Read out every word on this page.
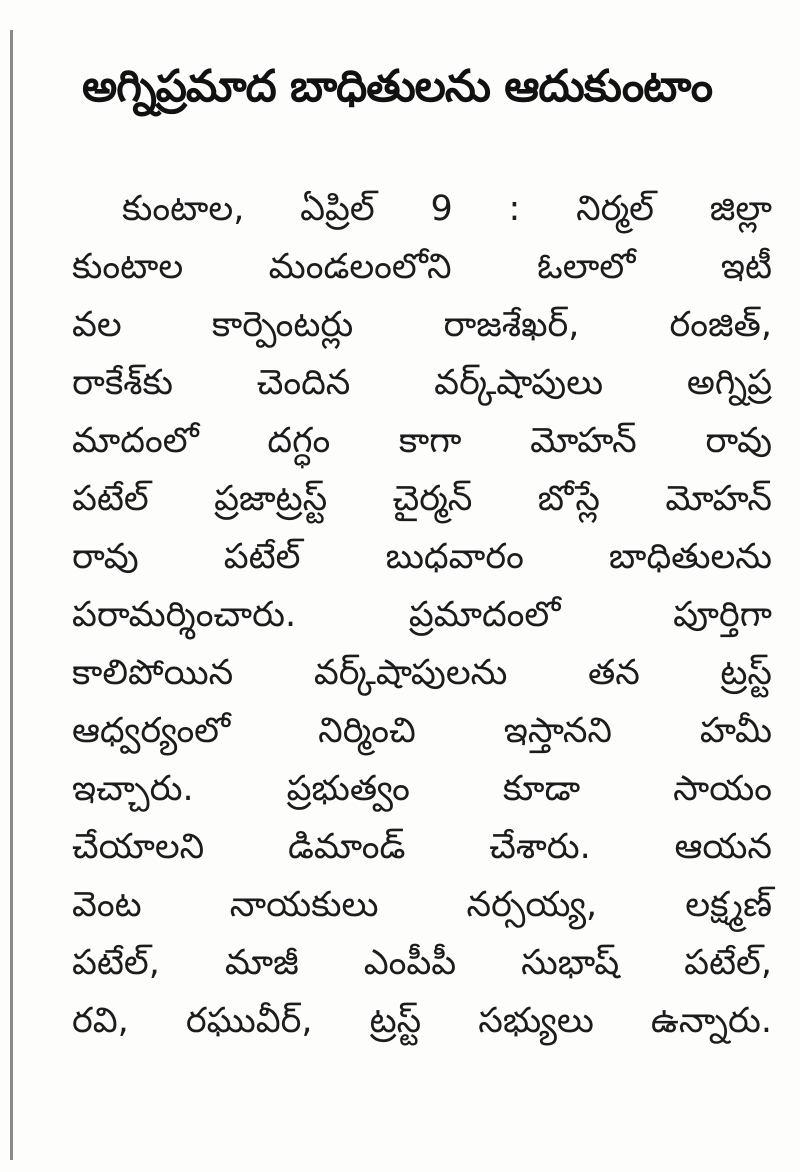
అగ్నిప్రమాద బాధితులను ఆదుకుంటాం
కుంటాల, ఏప్రిల్ 9 : నిర్మల్ జిల్లా
కుంటాల మండలంలోని ఓలాలో ఇటీ
వల కార్పెంటర్లు రాజశేఖర్, రంజిత్,
రాకేశ్‌కు చెందిన వర్క్‌షాపులు అగ్నిప్ర
మాదంలో దగ్ధం కాగా మోహన్ రావు
పటేల్ ప్రజాట్రస్ట్ చైర్మన్ బోస్లే మోహన్
రావు పటేల్ బుధవారం బాధితులను
పరామర్శించారు. ప్రమాదంలో పూర్తిగా
కాలిపోయిన వర్క్‌షాపులను తన ట్రస్ట్
ఆధ్వర్యంలో నిర్మించి ఇస్తానని హమీ
ఇచ్చారు. ప్రభుత్వం కూడా సాయం
చేయాలని డిమాండ్ చేశారు. ఆయన
వెంట నాయకులు నర్సయ్య, లక్ష్మణ్
పటేల్, మాజీ ఎంపీపీ సుభాష్ పటేల్,
రవి, రఘువీర్, ట్రస్ట్ సభ్యులు ఉన్నారు.
